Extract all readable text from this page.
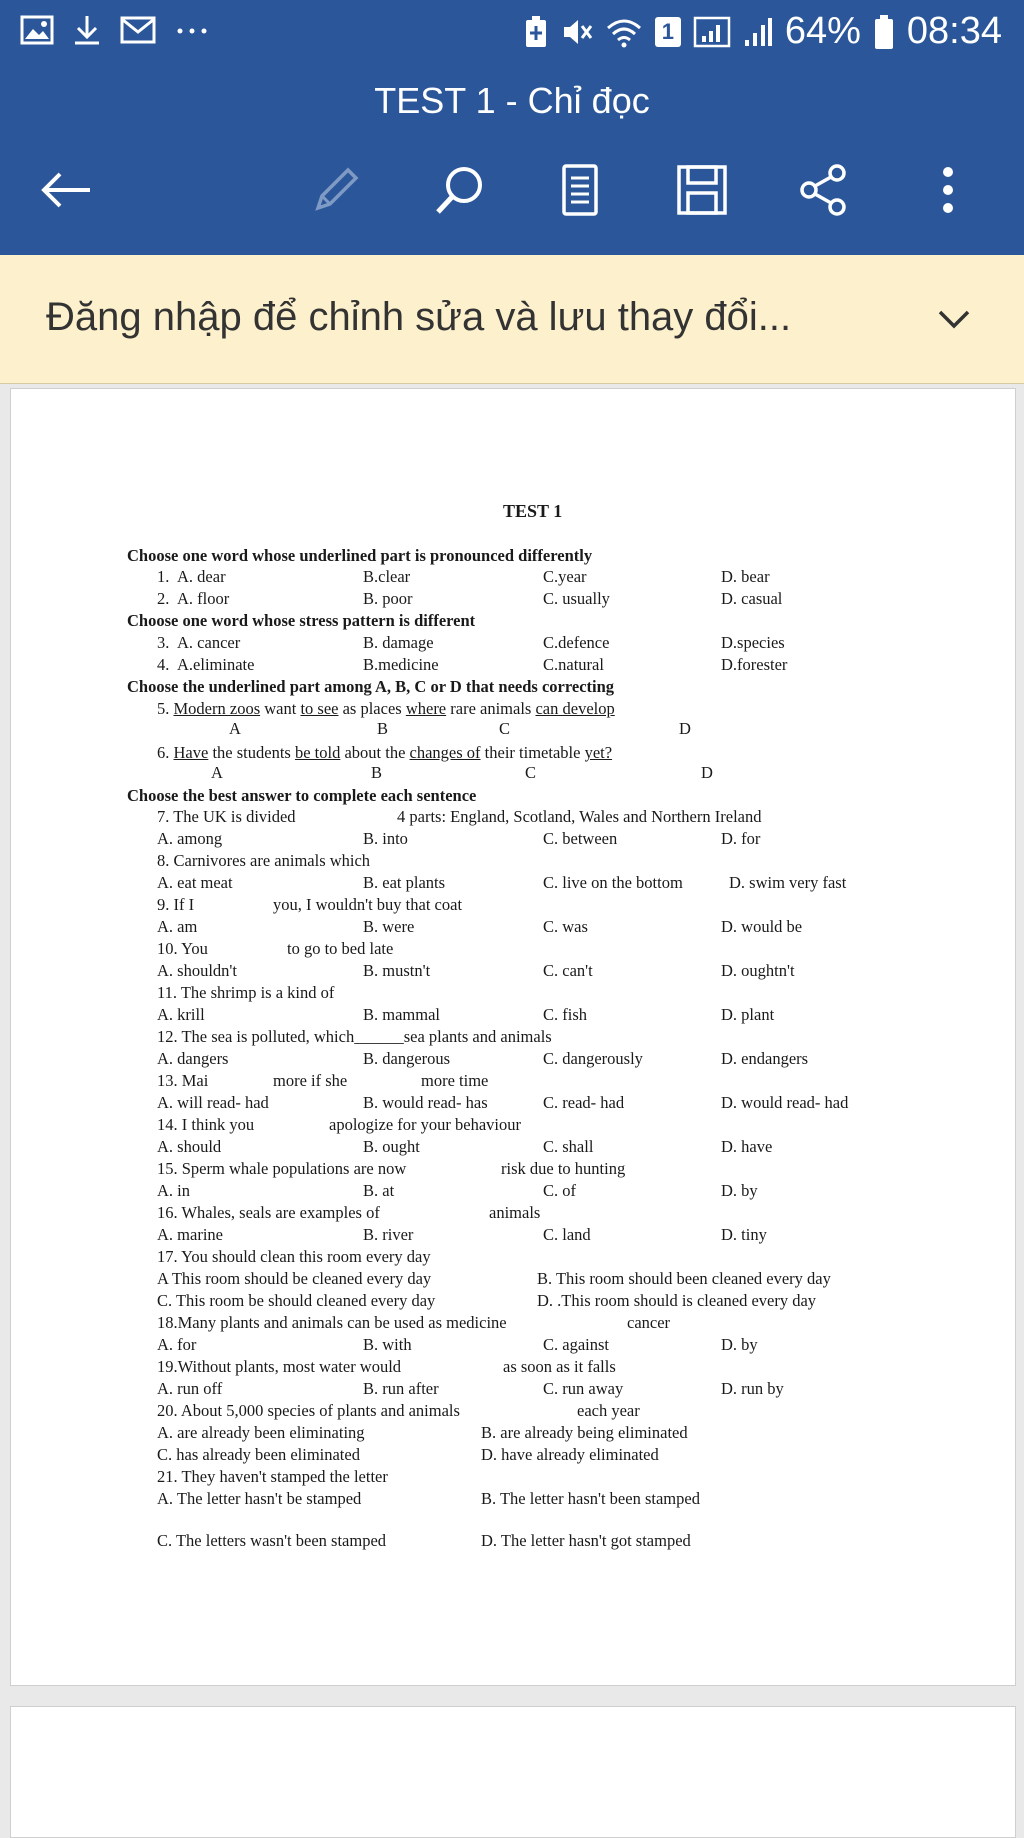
1	64% 08:34
TEST 1 - Chỉ đọc
Đăng nhập để chỉnh sửa và lưu thay đổi...
TEST 1
Choose one word whose underlined part is pronounced differently
1. A. dear	B.clear	C.year	D. bear
2. A. floor	B. poor	C. usually	D. casual
Choose one word whose stress pattern is different
3. A. cancer	B. damage	C.defence	D.species
4. A.eliminate	B.medicine	C.natural	D.forester
Choose the underlined part among A, B, C or D that needs correcting
5. Modern zoos want to see as places where rare animals can develop
A	B	C	D
6. Have the students be told about the changes of their timetable yet?
A	B	C	D
Choose the best answer to complete each sentence
7. The UK is divided	4 parts: England, Scotland, Wales and Northern Ireland
A. among	B. into	C. between	D. for
8. Carnivores are animals which
A. eat meat	B. eat plants	C. live on the bottom	D. swim very fast
9. If I	you, I wouldn't buy that coat
A. am	B. were	C. was	D. would be
10. You	to go to bed late
A. shouldn't	B. mustn't	C. can't	D. oughtn't
11. The shrimp is a kind of
A. krill	B. mammal	C. fish	D. plant
12. The sea is polluted, which______sea plants and animals
A. dangers	B. dangerous	C. dangerously	D. endangers
13. Mai	more if she	more time
A. will read- had	B. would read- has	C. read- had	D. would read- had
14. I think you	apologize for your behaviour
A. should	B. ought	C. shall	D. have
15. Sperm whale populations are now	risk due to hunting
A. in	B. at	C. of	D. by
16. Whales, seals are examples of	animals
A. marine	B. river	C. land	D. tiny
17. You should clean this room every day
A This room should be cleaned every day	B. This room should been cleaned every day
C. This room be should cleaned every day	D. .This room should is cleaned every day
18.Many plants and animals can be used as medicine	cancer
A. for	B. with	C. against	D. by
19.Without plants, most water would	as soon as it falls
A. run off	B. run after	C. run away	D. run by
20. About 5,000 species of plants and animals	each year
A. are already been eliminating	B. are already being eliminated
C. has already been eliminated	D. have already eliminated
21. They haven't stamped the letter
A. The letter hasn't be stamped	B. The letter hasn't been stamped
C. The letters wasn't been stamped	D. The letter hasn't got stamped
